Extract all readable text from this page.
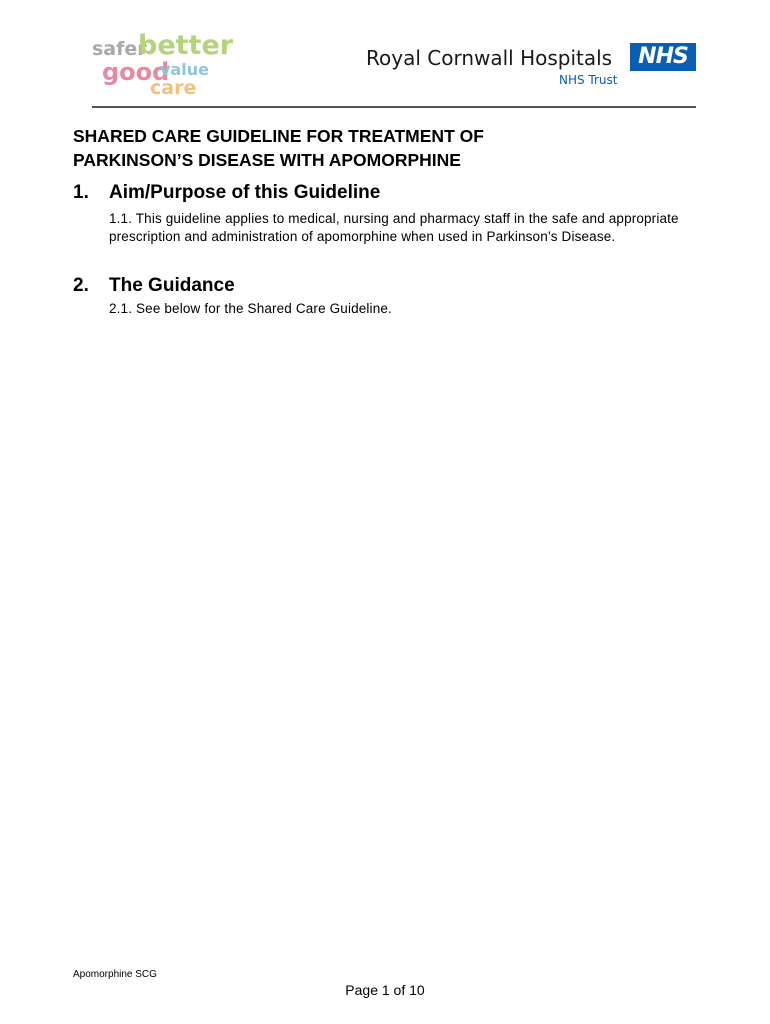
safer
better
good
value
care
Royal Cornwall Hospitals	NHS
NHS Trust
SHARED CARE GUIDELINE FOR TREATMENT OF
PARKINSON’S DISEASE WITH APOMORPHINE
1. Aim/Purpose of this Guideline
1.1. This guideline applies to medical, nursing and pharmacy staff in the safe and appropriate prescription and administration of apomorphine when used in Parkinson’s Disease.
2. The Guidance
2.1. See below for the Shared Care Guideline.
Apomorphine SCG
Page 1 of 10
